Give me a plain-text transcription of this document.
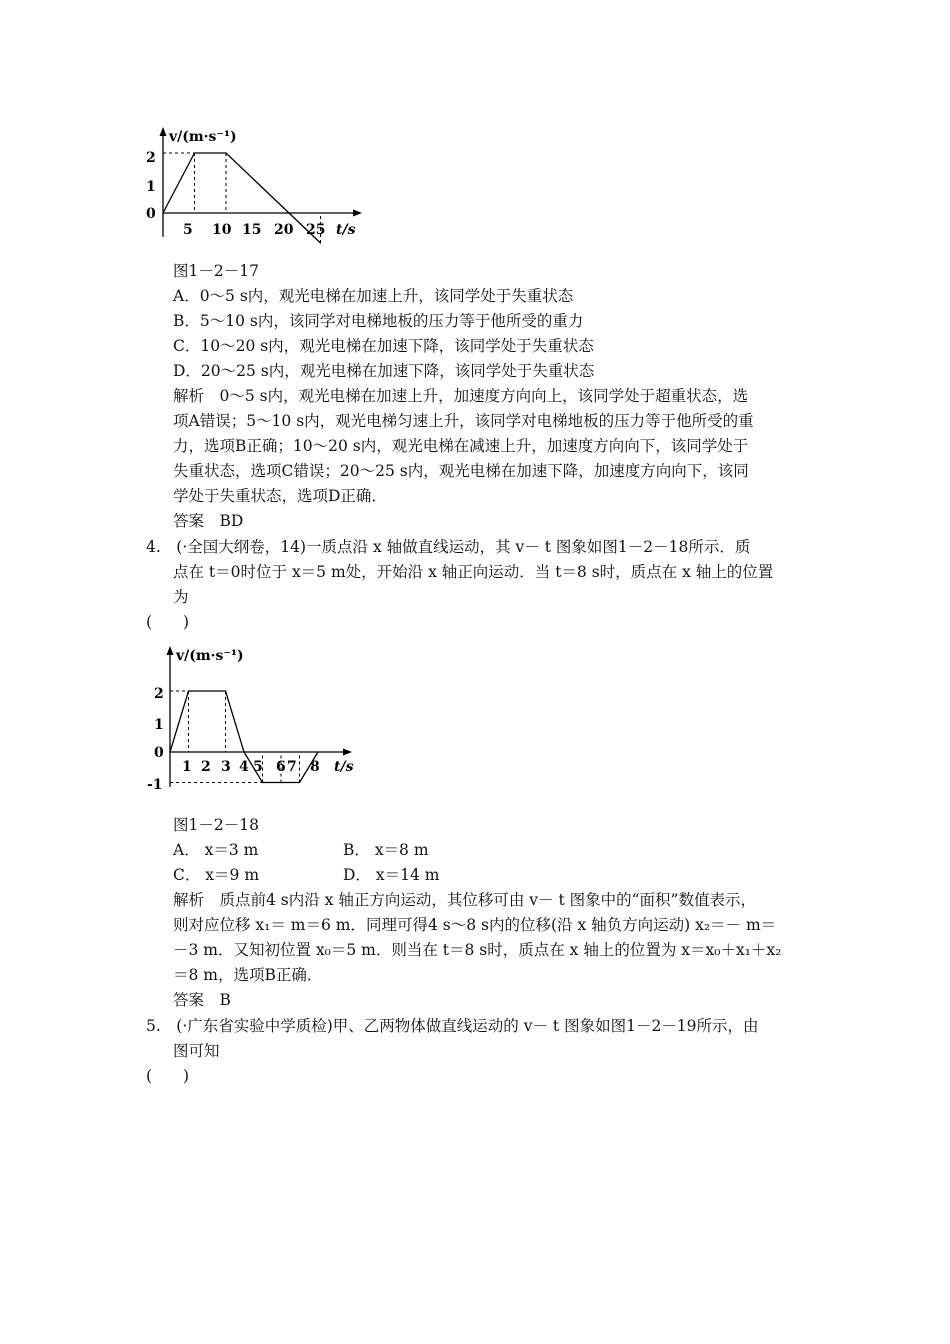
v/(m·s⁻¹)
t/s
0
1
2
5 10 15 20 25
图1－2－17
A．0～5 s内，观光电梯在加速上升，该同学处于失重状态
B．5～10 s内，该同学对电梯地板的压力等于他所受的重力
C．10～20 s内，观光电梯在加速下降，该同学处于失重状态
D．20～25 s内，观光电梯在加速下降，该同学处于失重状态
解析　0～5 s内，观光电梯在加速上升，加速度方向向上，该同学处于超重状态，选
项A错误；5～10 s内，观光电梯匀速上升，该同学对电梯地板的压力等于他所受的重
力，选项B正确；10～20 s内，观光电梯在减速上升，加速度方向向下，该同学处于
失重状态，选项C错误；20～25 s内，观光电梯在加速下降，加速度方向向下，该同
学处于失重状态，选项D正确．
答案　BD
4.　(·全国大纲卷，14)一质点沿 x 轴做直线运动，其 v－ t 图象如图1－2－18所示．质
点在 t＝0时位于 x＝5 m处，开始沿 x 轴正向运动．当 t＝8 s时，质点在 x 轴上的位置
为
(　　)
v/(m·s⁻¹)
t/s
2
1
0
-1
1 2 3 4 5 6 7 8
图1－2－18
A． x＝3 m	B． x＝8 m
C． x＝9 m	D． x＝14 m
解析　质点前4 s内沿 x 轴正方向运动，其位移可由 v－ t 图象中的“面积”数值表示，
则对应位移 x₁＝ m＝6 m．同理可得4 s～8 s内的位移(沿 x 轴负方向运动) x₂＝－ m＝
－3 m．又知初位置 x₀＝5 m．则当在 t＝8 s时，质点在 x 轴上的位置为 x＝x₀＋x₁＋x₂
＝8 m，选项B正确．
答案　B
5.　(·广东省实验中学质检)甲、乙两物体做直线运动的 v－ t 图象如图1－2－19所示，由
图可知
(　　)
